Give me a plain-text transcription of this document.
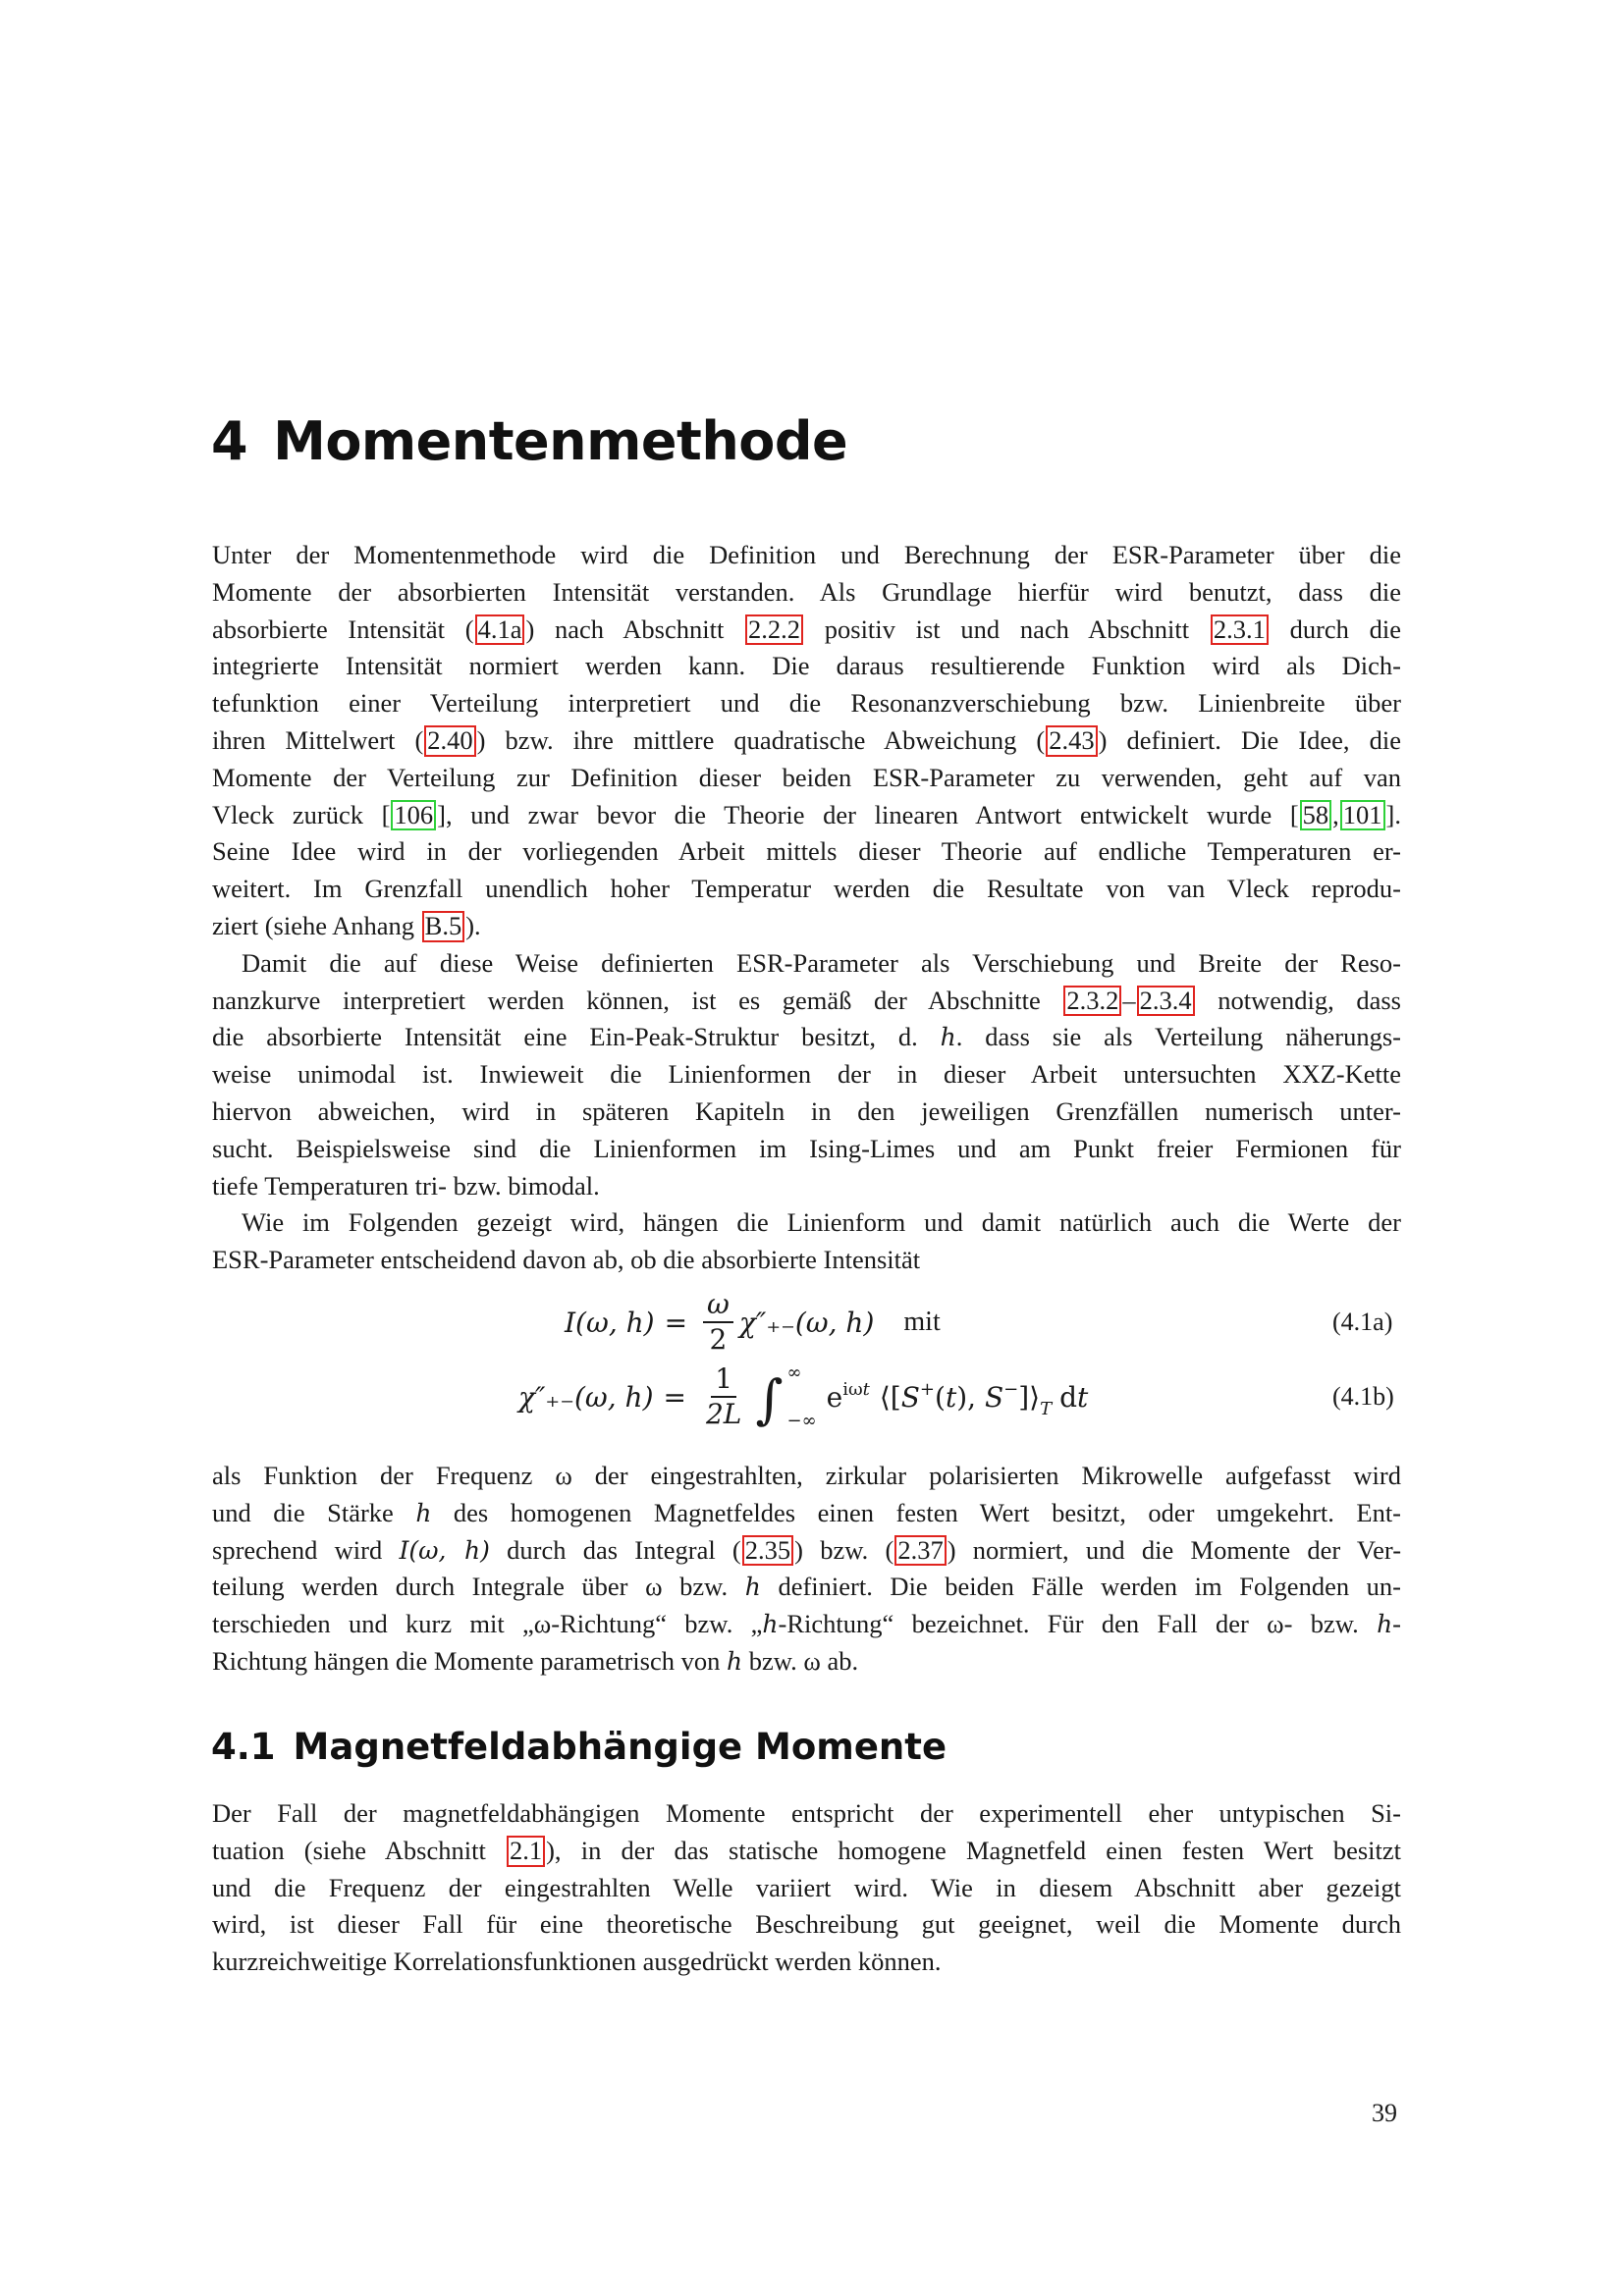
4 Momentenmethode
Unter der Momentenmethode wird die Definition und Berechnung der ESR-Parameter über die
Momente der absorbierten Intensität verstanden. Als Grundlage hierfür wird benutzt, dass die
absorbierte Intensität ( 4.1a ) nach Abschnitt 2.2.2 positiv ist und nach Abschnitt 2.3.1 durch die
integrierte Intensität normiert werden kann. Die daraus resultierende Funktion wird als Dich-
tefunktion einer Verteilung interpretiert und die Resonanzverschiebung bzw. Linienbreite über
ihren Mittelwert ( 2.40 ) bzw. ihre mittlere quadratische Abweichung ( 2.43 ) definiert. Die Idee, die
Momente der Verteilung zur Definition dieser beiden ESR-Parameter zu verwenden, geht auf van
Vleck zurück [ 106 ], und zwar bevor die Theorie der linearen Antwort entwickelt wurde [ 58 , 101 ].
Seine Idee wird in der vorliegenden Arbeit mittels dieser Theorie auf endliche Temperaturen er-
weitert. Im Grenzfall unendlich hoher Temperatur werden die Resultate von van Vleck reprodu-
ziert (siehe Anhang B.5 ).
Damit die auf diese Weise definierten ESR-Parameter als Verschiebung und Breite der Reso-
nanzkurve interpretiert werden können, ist es gemäß der Abschnitte 2.3.2 – 2.3.4 notwendig, dass
die absorbierte Intensität eine Ein-Peak-Struktur besitzt, d. h. dass sie als Verteilung näherungs-
weise unimodal ist. Inwieweit die Linienformen der in dieser Arbeit untersuchten XXZ-Kette
hiervon abweichen, wird in späteren Kapiteln in den jeweiligen Grenzfällen numerisch unter-
sucht. Beispielsweise sind die Linienformen im Ising-Limes und am Punkt freier Fermionen für
tiefe Temperaturen tri- bzw. bimodal.
Wie im Folgenden gezeigt wird, hängen die Linienform und damit natürlich auch die Werte der
ESR-Parameter entscheidend davon ab, ob die absorbierte Intensität
I(ω, $h) = \frac{\omega}{2} \chi''_{+-}(\omega$, h) mit	(4.1a)
χ″₊₋(ω, $h) = \frac{1}{2L}$ ∫ ∞
−∞
$e^{i\omega t}$ ⟨[S+(t), $S^-]⟩_T$ dt	(4.1b)
als Funktion der Frequenz ω der eingestrahlten, zirkular polarisierten Mikrowelle aufgefasst wird
und die Stärke h des homogenen Magnetfeldes einen festen Wert besitzt, oder umgekehrt. Ent-
sprechend wird I(ω, h) durch das Integral ( 2.35 ) bzw. ( 2.37 ) normiert, und die Momente der Ver-
teilung werden durch Integrale über ω bzw. h definiert. Die beiden Fälle werden im Folgenden un-
terschieden und kurz mit „ω-Richtung“ bzw. „h-Richtung“ bezeichnet. Für den Fall der ω- bzw. h-
Richtung hängen die Momente parametrisch von h bzw. ω ab.
4.1 Magnetfeldabhängige Momente
Der Fall der magnetfeldabhängigen Momente entspricht der experimentell eher untypischen Si-
tuation (siehe Abschnitt 2.1 ), in der das statische homogene Magnetfeld einen festen Wert besitzt
und die Frequenz der eingestrahlten Welle variiert wird. Wie in diesem Abschnitt aber gezeigt
wird, ist dieser Fall für eine theoretische Beschreibung gut geeignet, weil die Momente durch
kurzreichweitige Korrelationsfunktionen ausgedrückt werden können.
39
